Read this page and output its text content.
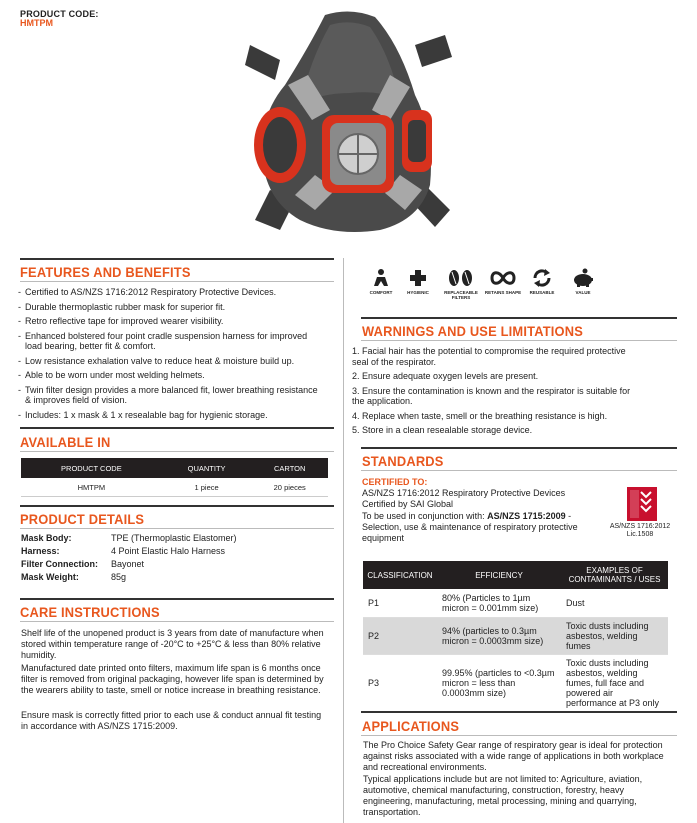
PRODUCT CODE:
HMTPM
FEATURES AND BENEFITS
- Certified to AS/NZS 1716:2012 Respiratory Protective Devices.
- Durable thermoplastic rubber mask for superior fit.
- Retro reflective tape for improved wearer visibility.
- Enhanced bolstered four point cradle suspension harness for improved load bearing, better fit & comfort.
- Low resistance exhalation valve to reduce heat & moisture build up.
- Able to be worn under most welding helmets.
- Twin filter design provides a more balanced fit, lower breathing resistance & improves field of vision.
- Includes: 1 x mask & 1 x resealable bag for hygienic storage.
AVAILABLE IN
PRODUCT CODE	QUANTITY	CARTON
HMTPM	1 piece	20 pieces
PRODUCT DETAILS
Mask Body:	TPE (Thermoplastic Elastomer)
Harness:	4 Point Elastic Halo Harness
Filter Connection:	Bayonet
Mask Weight:	85g
CARE INSTRUCTIONS
Shelf life of the unopened product is 3 years from date of manufacture when stored within temperature range of -20°C to +25°C & less than 80% relative humidity.
Manufactured date printed onto filters, maximum life span is 6 months once filter is removed from original packaging, however life span is determined by the wearers ability to taste, smell or notice increase in breathing resistance.
Ensure mask is correctly fitted prior to each use & conduct annual fit testing in accordance with AS/NZS 1715:2009.
COMFORT	HYGIENIC	REPLACEABLE FILTERS
RETAINS SHAPE	REUSABLE	VALUE
WARNINGS AND USE LIMITATIONS
1. Facial hair has the potential to compromise the required protective seal of the respirator.
2. Ensure adequate oxygen levels are present.
3. Ensure the contamination is known and the respirator is suitable for the application.
4. Replace when taste, smell or the breathing resistance is high.
5. Store in a clean resealable storage device.
STANDARDS
CERTIFIED TO:
AS/NZS 1716:2012 Respiratory Protective Devices
Certified by SAI Global
To be used in conjunction with: AS/NZS 1715:2009 - Selection, use & maintenance of respiratory protective equipment
AS/NZS 1716:2012
Lic.1508
CLASSIFICATION	EFFICIENCY	EXAMPLES OF CONTAMINANTS / USES
P1	80% (Particles to 1µm micron = 0.001mm size)	Dust
P2	94% (particles to 0.3µm micron = 0.0003mm size)	Toxic dusts including asbestos, welding fumes
P3	99.95% (particles to <0.3µm micron = less than 0.0003mm size)	Toxic dusts including asbestos, welding fumes, full face and powered air performance at P3 only
APPLICATIONS
The Pro Choice Safety Gear range of respiratory gear is ideal for protection against risks associated with a wide range of applications in both workplace and recreational environments.
Typical applications include but are not limited to: Agriculture, aviation, automotive, chemical manufacturing, construction, forestry, heavy engineering, manufacturing, metal processing, mining and quarrying, transportation.
